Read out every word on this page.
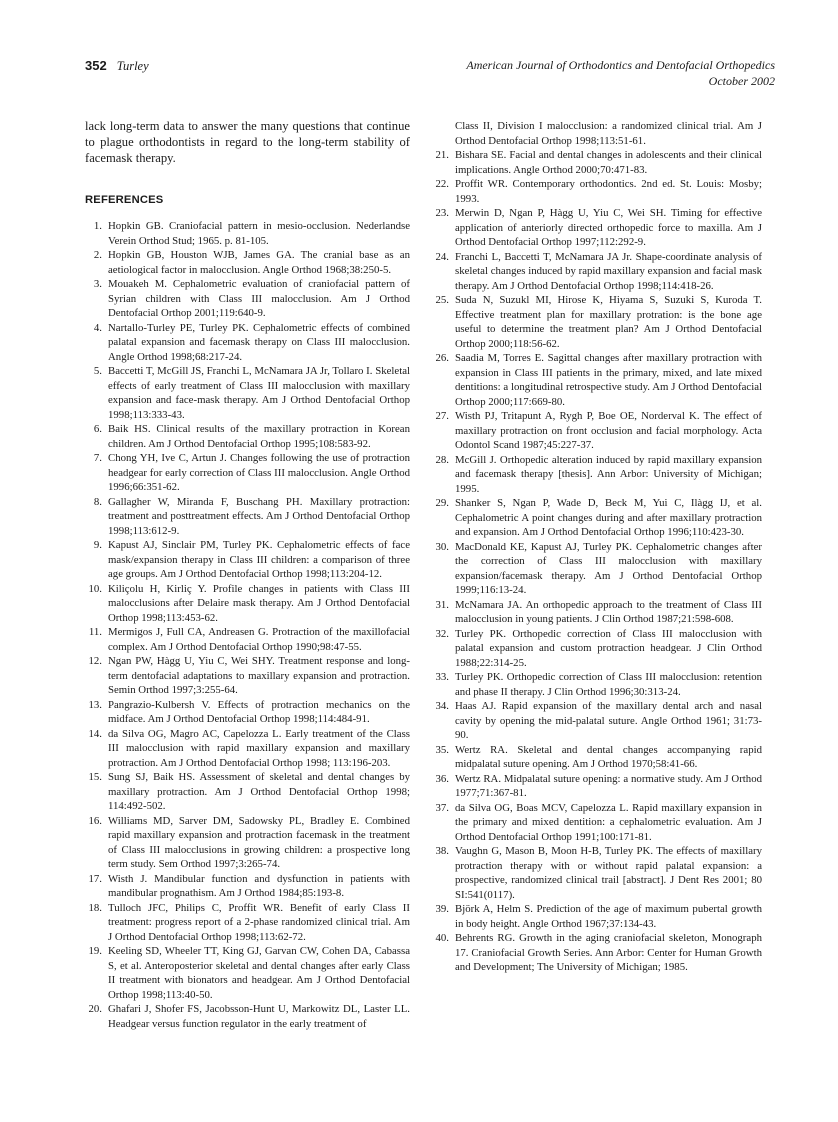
352 Turley	American Journal of Orthodontics and Dentofacial Orthopedics
October 2002

lack long-term data to answer the many questions that continue to plague orthodontists in regard to the long-term stability of facemask therapy.

REFERENCES
1. Hopkin GB. Craniofacial pattern in mesio-occlusion. Nederlandse Verein Orthod Stud; 1965. p. 81-105.
2. Hopkin GB, Houston WJB, James GA. The cranial base as an aetiological factor in malocclusion. Angle Orthod 1968;38:250-5.
3. Mouakeh M. Cephalometric evaluation of craniofacial pattern of Syrian children with Class III malocclusion. Am J Orthod Dentofacial Orthop 2001;119:640-9.
4. Nartallo-Turley PE, Turley PK. Cephalometric effects of combined palatal expansion and facemask therapy on Class III malocclusion. Angle Orthod 1998;68:217-24.
5. Baccetti T, McGill JS, Franchi L, McNamara JA Jr, Tollaro I. Skeletal effects of early treatment of Class III malocclusion with maxillary expansion and face-mask therapy. Am J Orthod Dentofacial Orthop 1998;113:333-43.
6. Baik HS. Clinical results of the maxillary protraction in Korean children. Am J Orthod Dentofacial Orthop 1995;108:583-92.
7. Chong YH, Ive C, Artun J. Changes following the use of protraction headgear for early correction of Class III malocclusion. Angle Orthod 1996;66:351-62.
8. Gallagher W, Miranda F, Buschang PH. Maxillary protraction: treatment and posttreatment effects. Am J Orthod Dentofacial Orthop 1998;113:612-9.
9. Kapust AJ, Sinclair PM, Turley PK. Cephalometric effects of face mask/expansion therapy in Class III children: a comparison of three age groups. Am J Orthod Dentofacial Orthop 1998;113:204-12.
10. Kiliçolu H, Kirliç Y. Profile changes in patients with Class III malocclusions after Delaire mask therapy. Am J Orthod Dentofacial Orthop 1998;113:453-62.
11. Mermigos J, Full CA, Andreasen G. Protraction of the maxillofacial complex. Am J Orthod Dentofacial Orthop 1990;98:47-55.
12. Ngan PW, Hàgg U, Yiu C, Wei SHY. Treatment response and long-term dentofacial adaptations to maxillary expansion and protraction. Semin Orthod 1997;3:255-64.
13. Pangrazio-Kulbersh V. Effects of protraction mechanics on the midface. Am J Orthod Dentofacial Orthop 1998;114:484-91.
14. da Silva OG, Magro AC, Capelozza L. Early treatment of the Class III malocclusion with rapid maxillary expansion and maxillary protraction. Am J Orthod Dentofacial Orthop 1998; 113:196-203.
15. Sung SJ, Baik HS. Assessment of skeletal and dental changes by maxillary protraction. Am J Orthod Dentofacial Orthop 1998; 114:492-502.
16. Williams MD, Sarver DM, Sadowsky PL, Bradley E. Combined rapid maxillary expansion and protraction facemask in the treatment of Class III malocclusions in growing children: a prospective long term study. Sem Orthod 1997;3:265-74.
17. Wisth J. Mandibular function and dysfunction in patients with mandibular prognathism. Am J Orthod 1984;85:193-8.
18. Tulloch JFC, Philips C, Proffit WR. Benefit of early Class II treatment: progress report of a 2-phase randomized clinical trial. Am J Orthod Dentofacial Orthop 1998;113:62-72.
19. Keeling SD, Wheeler TT, King GJ, Garvan CW, Cohen DA, Cabassa S, et al. Anteroposterior skeletal and dental changes after early Class II treatment with bionators and headgear. Am J Orthod Dentofacial Orthop 1998;113:40-50.
20. Ghafari J, Shofer FS, Jacobsson-Hunt U, Markowitz DL, Laster LL. Headgear versus function regulator in the early treatment of

Class II, Division I malocclusion: a randomized clinical trial. Am J Orthod Dentofacial Orthop 1998;113:51-61.

21. Bishara SE. Facial and dental changes in adolescents and their clinical implications. Angle Orthod 2000;70:471-83.
22. Proffit WR. Contemporary orthodontics. 2nd ed. St. Louis: Mosby; 1993.
23. Merwin D, Ngan P, Hàgg U, Yiu C, Wei SH. Timing for effective application of anteriorly directed orthopedic force to maxilla. Am J Orthod Dentofacial Orthop 1997;112:292-9.
24. Franchi L, Baccetti T, McNamara JA Jr. Shape-coordinate analysis of skeletal changes induced by rapid maxillary expansion and facial mask therapy. Am J Orthod Dentofacial Orthop 1998;114:418-26.
25. Suda N, Suzukl MI, Hirose K, Hiyama S, Suzuki S, Kuroda T. Effective treatment plan for maxillary protration: is the bone age useful to determine the treatment plan? Am J Orthod Dentofacial Orthop 2000;118:56-62.
26. Saadia M, Torres E. Sagittal changes after maxillary protraction with expansion in Class III patients in the primary, mixed, and late mixed dentitions: a longitudinal retrospective study. Am J Orthod Dentofacial Orthop 2000;117:669-80.
27. Wisth PJ, Tritapunt A, Rygh P, Boe OE, Norderval K. The effect of maxillary protraction on front occlusion and facial morphology. Acta Odontol Scand 1987;45:227-37.
28. McGill J. Orthopedic alteration induced by rapid maxillary expansion and facemask therapy [thesis]. Ann Arbor: University of Michigan; 1995.
29. Shanker S, Ngan P, Wade D, Beck M, Yui C, Ilàgg IJ, et al. Cephalometric A point changes during and after maxillary protraction and expansion. Am J Orthod Dentofacial Orthop 1996;110:423-30.
30. MacDonald KE, Kapust AJ, Turley PK. Cephalometric changes after the correction of Class III malocclusion with maxillary expansion/facemask therapy. Am J Orthod Dentofacial Orthop 1999;116:13-24.
31. McNamara JA. An orthopedic approach to the treatment of Class III malocclusion in young patients. J Clin Orthod 1987;21:598-608.
32. Turley PK. Orthopedic correction of Class III malocclusion with palatal expansion and custom protraction headgear. J Clin Orthod 1988;22:314-25.
33. Turley PK. Orthopedic correction of Class III malocclusion: retention and phase II therapy. J Clin Orthod 1996;30:313-24.
34. Haas AJ. Rapid expansion of the maxillary dental arch and nasal cavity by opening the mid-palatal suture. Angle Orthod 1961; 31:73-90.
35. Wertz RA. Skeletal and dental changes accompanying rapid midpalatal suture opening. Am J Orthod 1970;58:41-66.
36. Wertz RA. Midpalatal suture opening: a normative study. Am J Orthod 1977;71:367-81.
37. da Silva OG, Boas MCV, Capelozza L. Rapid maxillary expansion in the primary and mixed dentition: a cephalometric evaluation. Am J Orthod Dentofacial Orthop 1991;100:171-81.
38. Vaughn G, Mason B, Moon H-B, Turley PK. The effects of maxillary protraction therapy with or without rapid palatal expansion: a prospective, randomized clinical trail [abstract]. J Dent Res 2001; 80 SI:541(0117).
39. Björk A, Helm S. Prediction of the age of maximum pubertal growth in body height. Angle Orthod 1967;37:134-43.
40. Behrents RG. Growth in the aging craniofacial skeleton, Monograph 17. Craniofacial Growth Series. Ann Arbor: Center for Human Growth and Development; The University of Michigan; 1985.
